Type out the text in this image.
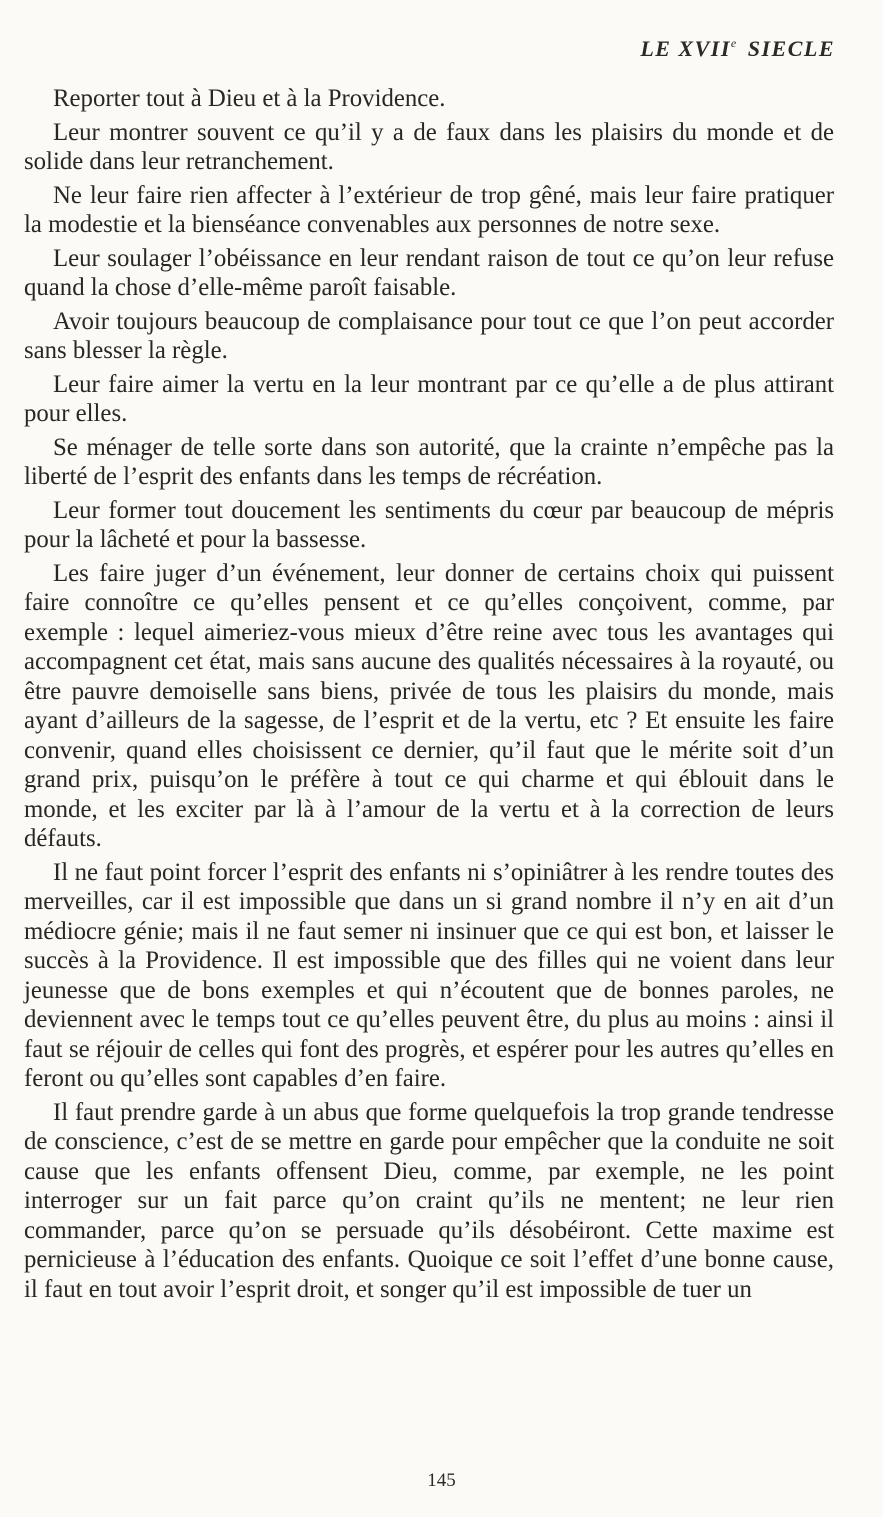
LE XVIIe SIECLE

Reporter tout à Dieu et à la Providence.

Leur montrer souvent ce qu’il y a de faux dans les plaisirs du monde et de solide dans leur retranchement.

Ne leur faire rien affecter à l’extérieur de trop gêné, mais leur faire pratiquer la modestie et la bienséance convenables aux personnes de notre sexe.

Leur soulager l’obéissance en leur rendant raison de tout ce qu’on leur refuse quand la chose d’elle-même paroît faisable.

Avoir toujours beaucoup de complaisance pour tout ce que l’on peut accorder sans blesser la règle.

Leur faire aimer la vertu en la leur montrant par ce qu’elle a de plus attirant pour elles.

Se ménager de telle sorte dans son autorité, que la crainte n’empêche pas la liberté de l’esprit des enfants dans les temps de récréation.

Leur former tout doucement les sentiments du cœur par beaucoup de mépris pour la lâcheté et pour la bassesse.

Les faire juger d’un événement, leur donner de certains choix qui puissent faire connoître ce qu’elles pensent et ce qu’elles conçoivent, comme, par exemple : lequel aimeriez-vous mieux d’être reine avec tous les avantages qui accompagnent cet état, mais sans aucune des qualités nécessaires à la royauté, ou être pauvre demoiselle sans biens, privée de tous les plaisirs du monde, mais ayant d’ailleurs de la sagesse, de l’esprit et de la vertu, etc ? Et ensuite les faire convenir, quand elles choisissent ce dernier, qu’il faut que le mérite soit d’un grand prix, puisqu’on le préfère à tout ce qui charme et qui éblouit dans le monde, et les exciter par là à l’amour de la vertu et à la correction de leurs défauts.

Il ne faut point forcer l’esprit des enfants ni s’opiniâtrer à les rendre toutes des merveilles, car il est impossible que dans un si grand nombre il n’y en ait d’un médiocre génie; mais il ne faut semer ni insinuer que ce qui est bon, et laisser le succès à la Providence. Il est impossible que des filles qui ne voient dans leur jeunesse que de bons exemples et qui n’écoutent que de bonnes paroles, ne deviennent avec le temps tout ce qu’elles peuvent être, du plus au moins : ainsi il faut se réjouir de celles qui font des progrès, et espérer pour les autres qu’elles en feront ou qu’elles sont capables d’en faire.

Il faut prendre garde à un abus que forme quelquefois la trop grande tendresse de conscience, c’est de se mettre en garde pour empêcher que la conduite ne soit cause que les enfants offensent Dieu, comme, par exemple, ne les point interroger sur un fait parce qu’on craint qu’ils ne mentent; ne leur rien commander, parce qu’on se persuade qu’ils désobéiront. Cette maxime est pernicieuse à l’éducation des enfants. Quoique ce soit l’effet d’une bonne cause, il faut en tout avoir l’esprit droit, et songer qu’il est impossible de tuer un

145
